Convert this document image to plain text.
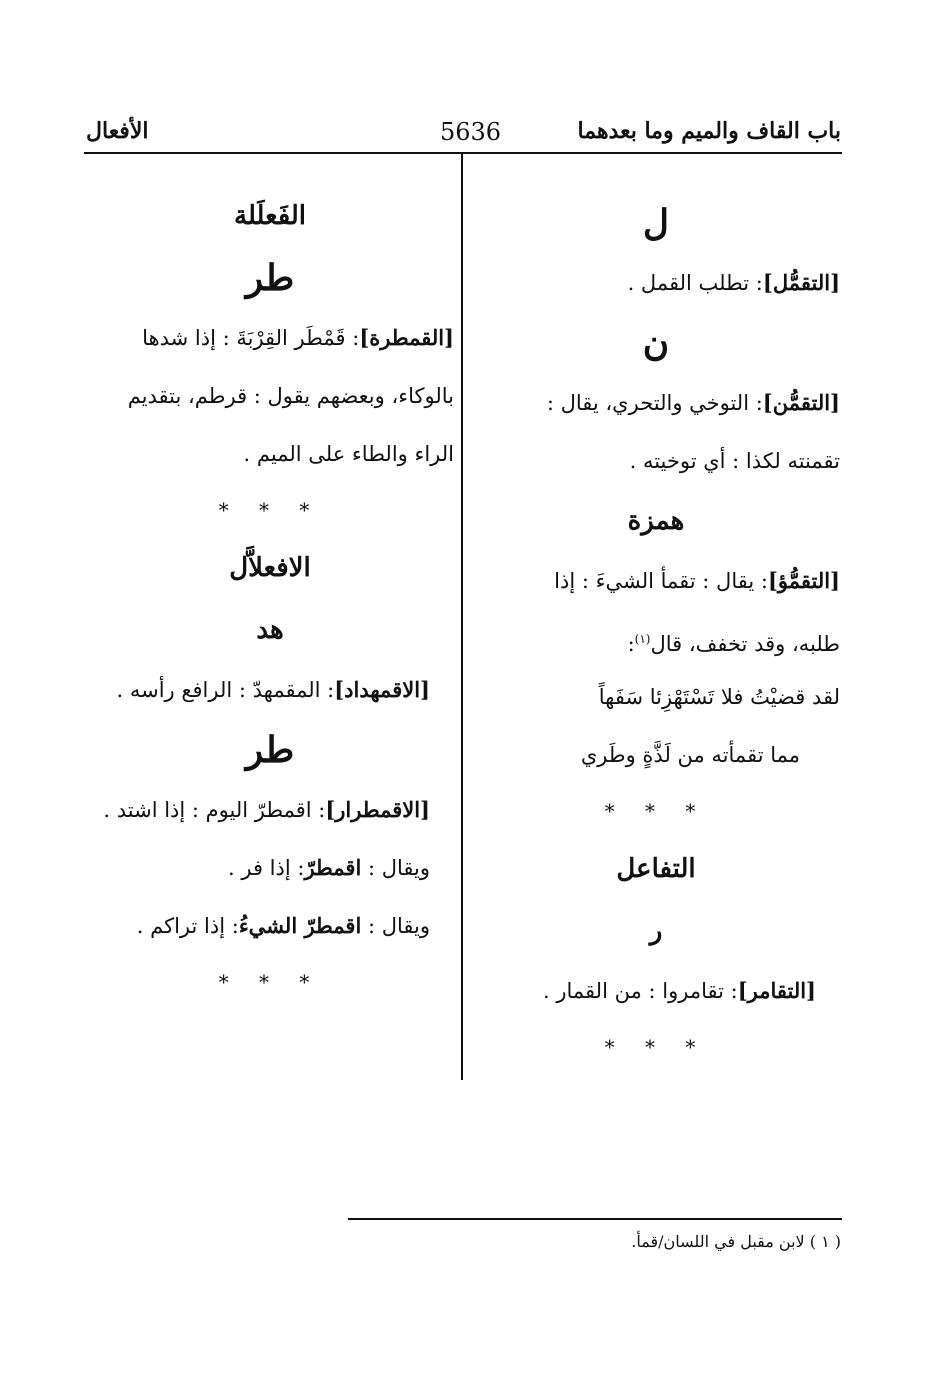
باب القاف والميم وما بعدهما
5636
الأفعال
ل

[التقمُّل]: تطلب القمل .

ن

[التقمُّن]: التوخي والتحري، يقال :

تقمنته لكذا : أي توخيته .

همزة

[التقمُّؤ]: يقال : تقمأ الشيءَ : إذا

طلبه، وقد تخفف، قال$^{(١)}$:

لقد قضيْتُ فلا تَسْتَهْزِئا سَفَهاً

مما تقمأته من لَذَّةٍ وطَري

* * *
التفاعل
ر

[التقامر]: تقامروا : من القمار .

* * *
الفَعلَلة
طر

[القمطرة]: قَمْطَر القِرْبَةَ : إذا شدها

بالوكاء، وبعضهم يقول : قرطم، بتقديم

الراء والطاء على الميم .

* * *
الافعلاَّل
هد

[الاقمهداد]: المقمهدّ : الرافع رأسه .

طر

[الاقمطرار]: اقمطرّ اليوم : إذا اشتد .

ويقال : اقمطرّ: إذا فر .

ويقال : اقمطرّ الشيءُ: إذا تراكم .

* * *
( ١ ) لابن مقبل في اللسان/قمأ.
